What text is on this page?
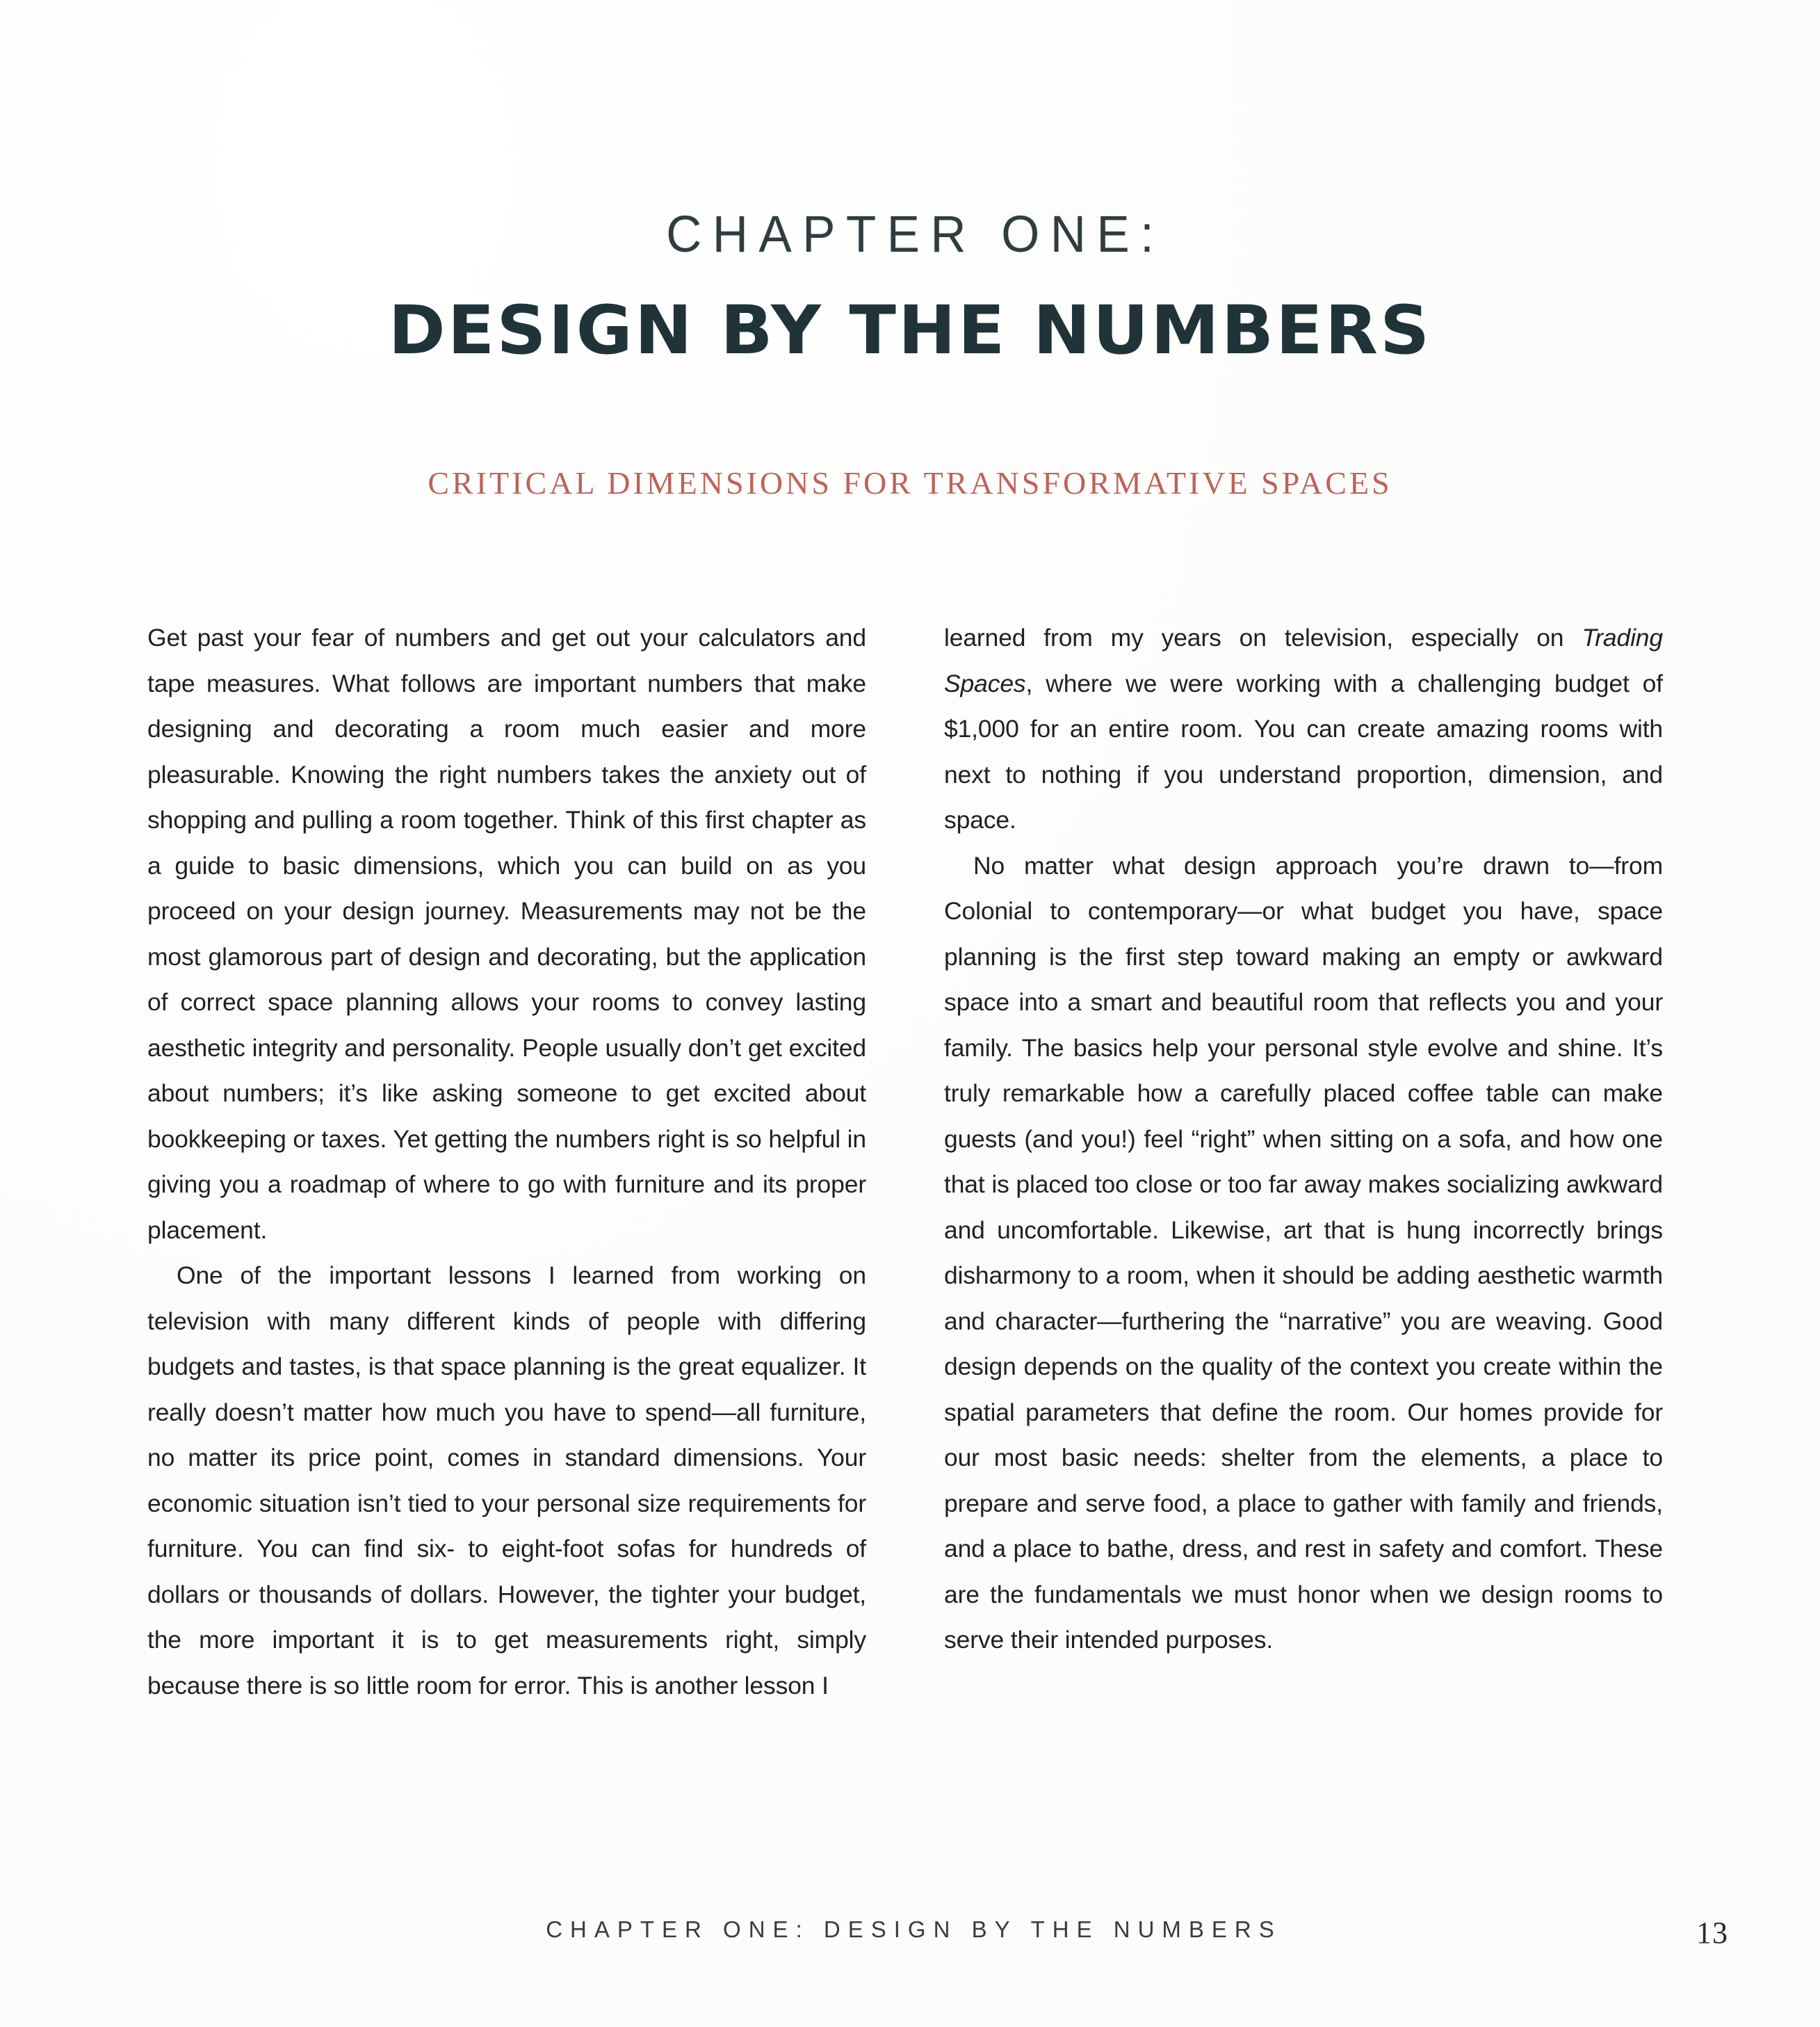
CHAPTER ONE:
DESIGN BY THE NUMBERS
CRITICAL DIMENSIONS FOR TRANSFORMATIVE SPACES

Get past your fear of numbers and get out your calculators and tape measures. What follows are important numbers that make designing and decorating a room much easier and more pleasurable. Knowing the right numbers takes the anxiety out of shopping and pulling a room together. Think of this first chapter as a guide to basic dimensions, which you can build on as you proceed on your design journey. Measurements may not be the most glamorous part of design and decorating, but the application of correct space planning allows your rooms to convey lasting aesthetic integrity and personality. People usually don’t get excited about numbers; it’s like asking someone to get excited about bookkeeping or taxes. Yet getting the numbers right is so helpful in giving you a roadmap of where to go with furniture and its proper placement.

One of the important lessons I learned from working on television with many different kinds of people with differing budgets and tastes, is that space planning is the great equalizer. It really doesn’t matter how much you have to spend—all furniture, no matter its price point, comes in standard dimensions. Your economic situation isn’t tied to your personal size requirements for furniture. You can find six- to eight-foot sofas for hundreds of dollars or thousands of dollars. However, the tighter your budget, the more important it is to get measurements right, simply because there is so little room for error. This is another lesson I

learned from my years on television, especially on Trading Spaces, where we were working with a challenging budget of $1,000 for an entire room. You can create amazing rooms with next to nothing if you understand proportion, dimension, and space.

No matter what design approach you’re drawn to—from Colonial to contemporary—or what budget you have, space planning is the first step toward making an empty or awkward space into a smart and beautiful room that reflects you and your family. The basics help your personal style evolve and shine. It’s truly remarkable how a carefully placed coffee table can make guests (and you!) feel “right” when sitting on a sofa, and how one that is placed too close or too far away makes socializing awkward and uncomfortable. Likewise, art that is hung incorrectly brings disharmony to a room, when it should be adding aesthetic warmth and character—furthering the “narrative” you are weaving. Good design depends on the quality of the context you create within the spatial parameters that define the room. Our homes provide for our most basic needs: shelter from the elements, a place to prepare and serve food, a place to gather with family and friends, and a place to bathe, dress, and rest in safety and comfort. These are the fundamentals we must honor when we design rooms to serve their intended purposes.

CHAPTER ONE: DESIGN BY THE NUMBERS	13
